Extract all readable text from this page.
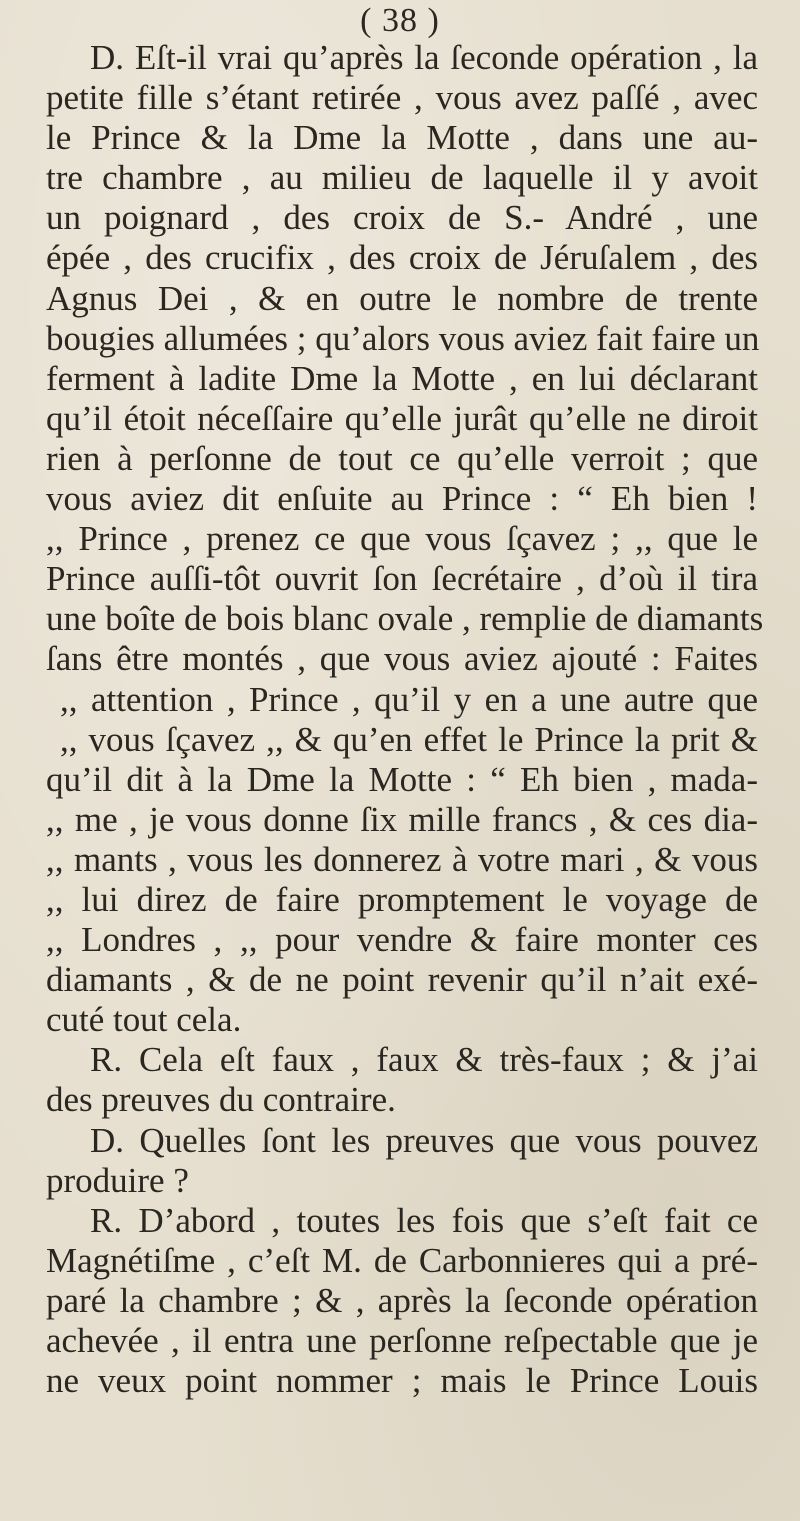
( 38 )
D. Eſt-il vrai qu’après la ſeconde opération , la
petite fille s’étant retirée , vous avez paſſé , avec
le Prince & la Dme la Motte , dans une au-
tre chambre , au milieu de laquelle il y avoit
un poignard , des croix de S.- André , une
épée , des crucifix , des croix de Jéruſalem , des
Agnus Dei , & en outre le nombre de trente
bougies allumées ; qu’alors vous aviez fait faire un
ferment à ladite Dme la Motte , en lui déclarant
qu’il étoit néceſſaire qu’elle jurât qu’elle ne diroit
rien à perſonne de tout ce qu’elle verroit ; que
vous aviez dit enſuite au Prince : “ Eh bien !
,, Prince , prenez ce que vous ſçavez ; ,, que le
Prince auſſi-tôt ouvrit ſon ſecrétaire , d’où il tira
une boîte de bois blanc ovale , remplie de diamants
ſans être montés , que vous aviez ajouté : Faites
,, attention , Prince , qu’il y en a une autre que
,, vous ſçavez ,, & qu’en effet le Prince la prit &
qu’il dit à la Dme la Motte : “ Eh bien , mada-
,, me , je vous donne ſix mille francs , & ces dia-
,, mants , vous les donnerez à votre mari , & vous
,, lui direz de faire promptement le voyage de
,, Londres , ,, pour vendre & faire monter ces
diamants , & de ne point revenir qu’il n’ait exé-
cuté tout cela.
R. Cela eſt faux , faux & très-faux ; & j’ai
des preuves du contraire.
D. Quelles ſont les preuves que vous pouvez
produire ?
R. D’abord , toutes les fois que s’eſt fait ce
Magnétiſme , c’eſt M. de Carbonnieres qui a pré-
paré la chambre ; & , après la ſeconde opération
achevée , il entra une perſonne reſpectable que je
ne veux point nommer ; mais le Prince Louis
